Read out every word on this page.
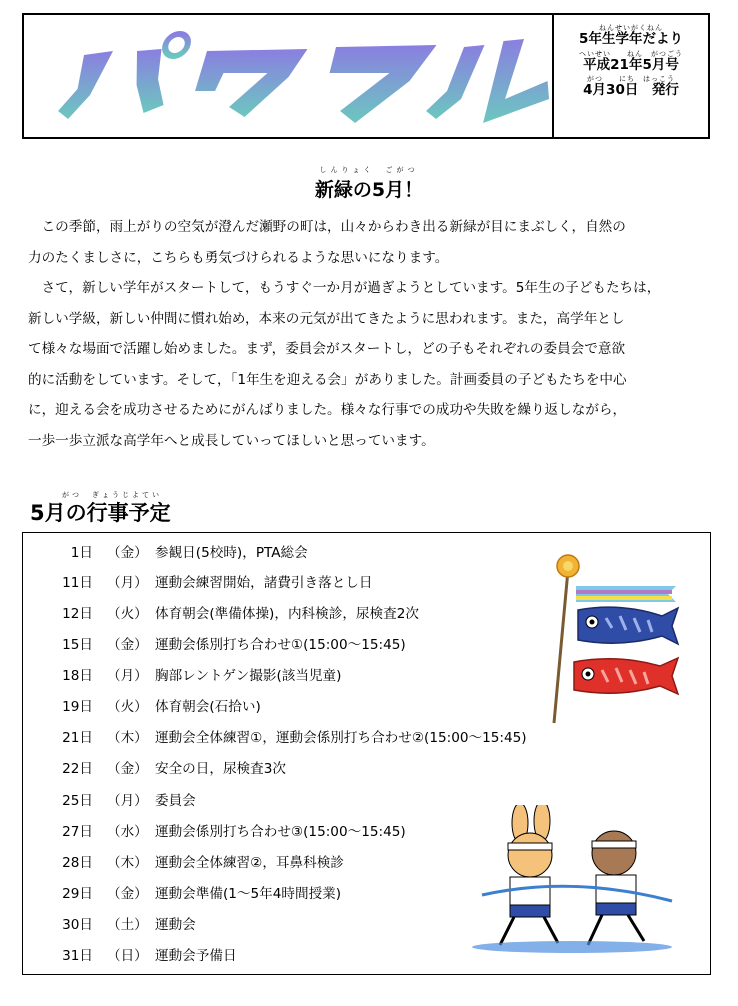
ねんせいがくねん
5年生学年だより
へいせい　　ねん　がつごう
平成21年5月号
がつ　　にち　はっこう
4月30日　発行
しんりょく　ごがつ
新緑の5月！
　この季節，雨上がりの空気が澄んだ瀬野の町は，山々からわき出る新緑が目にまぶしく，自然の
力のたくましさに，こちらも勇気づけられるような思いになります。
　さて，新しい学年がスタートして，もうすぐ一か月が過ぎようとしています。5年生の子どもたちは，
新しい学級，新しい仲間に慣れ始め，本来の元気が出てきたように思われます。また，高学年とし
て様々な場面で活躍し始めました。まず，委員会がスタートし，どの子もそれぞれの委員会で意欲
的に活動をしています。そして，「1年生を迎える会」がありました。計画委員の子どもたちを中心
に，迎える会を成功させるためにがんばりました。様々な行事での成功や失敗を繰り返しながら，
一歩一歩立派な高学年へと成長していってほしいと思っています。
がつ　ぎょうじよてい
5月の行事予定
1日 （金） 参観日(5校時)，PTA総会
11日 （月） 運動会練習開始，諸費引き落とし日
12日 （火） 体育朝会(準備体操)，内科検診，尿検査2次
15日 （金） 運動会係別打ち合わせ①(15:00～15:45)
18日 （月） 胸部レントゲン撮影(該当児童)
19日 （火） 体育朝会(石拾い)
21日 （木） 運動会全体練習①，運動会係別打ち合わせ②(15:00～15:45)
22日 （金） 安全の日，尿検査3次
25日 （月） 委員会
27日 （水） 運動会係別打ち合わせ③(15:00～15:45)
28日 （木） 運動会全体練習②，耳鼻科検診
29日 （金） 運動会準備(1～5年4時間授業)
30日 （土） 運動会
31日 （日） 運動会予備日
